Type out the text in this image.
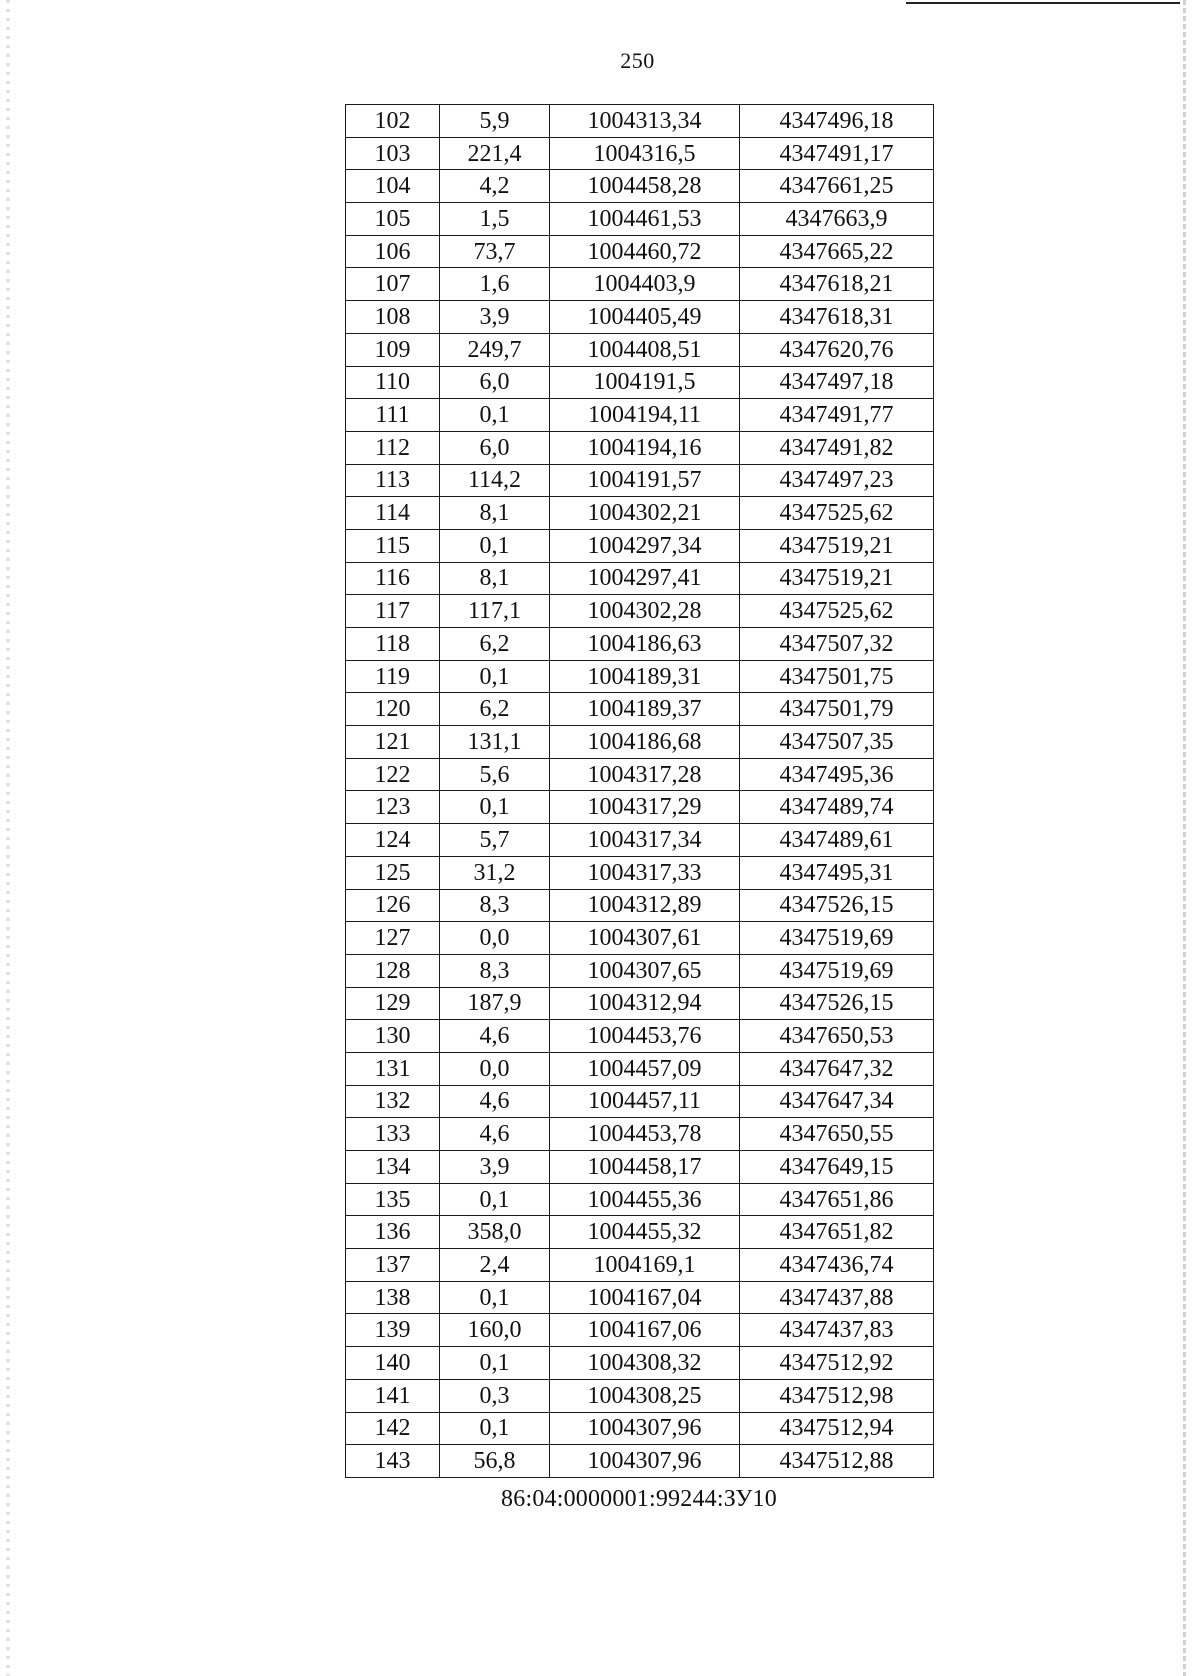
250
102	5,9	1004313,34	4347496,18
103	221,4	1004316,5	4347491,17
104	4,2	1004458,28	4347661,25
105	1,5	1004461,53	4347663,9
106	73,7	1004460,72	4347665,22
107	1,6	1004403,9	4347618,21
108	3,9	1004405,49	4347618,31
109	249,7	1004408,51	4347620,76
110	6,0	1004191,5	4347497,18
111	0,1	1004194,11	4347491,77
112	6,0	1004194,16	4347491,82
113	114,2	1004191,57	4347497,23
114	8,1	1004302,21	4347525,62
115	0,1	1004297,34	4347519,21
116	8,1	1004297,41	4347519,21
117	117,1	1004302,28	4347525,62
118	6,2	1004186,63	4347507,32
119	0,1	1004189,31	4347501,75
120	6,2	1004189,37	4347501,79
121	131,1	1004186,68	4347507,35
122	5,6	1004317,28	4347495,36
123	0,1	1004317,29	4347489,74
124	5,7	1004317,34	4347489,61
125	31,2	1004317,33	4347495,31
126	8,3	1004312,89	4347526,15
127	0,0	1004307,61	4347519,69
128	8,3	1004307,65	4347519,69
129	187,9	1004312,94	4347526,15
130	4,6	1004453,76	4347650,53
131	0,0	1004457,09	4347647,32
132	4,6	1004457,11	4347647,34
133	4,6	1004453,78	4347650,55
134	3,9	1004458,17	4347649,15
135	0,1	1004455,36	4347651,86
136	358,0	1004455,32	4347651,82
137	2,4	1004169,1	4347436,74
138	0,1	1004167,04	4347437,88
139	160,0	1004167,06	4347437,83
140	0,1	1004308,32	4347512,92
141	0,3	1004308,25	4347512,98
142	0,1	1004307,96	4347512,94
143	56,8	1004307,96	4347512,88
86:04:0000001:99244:ЗУ10
